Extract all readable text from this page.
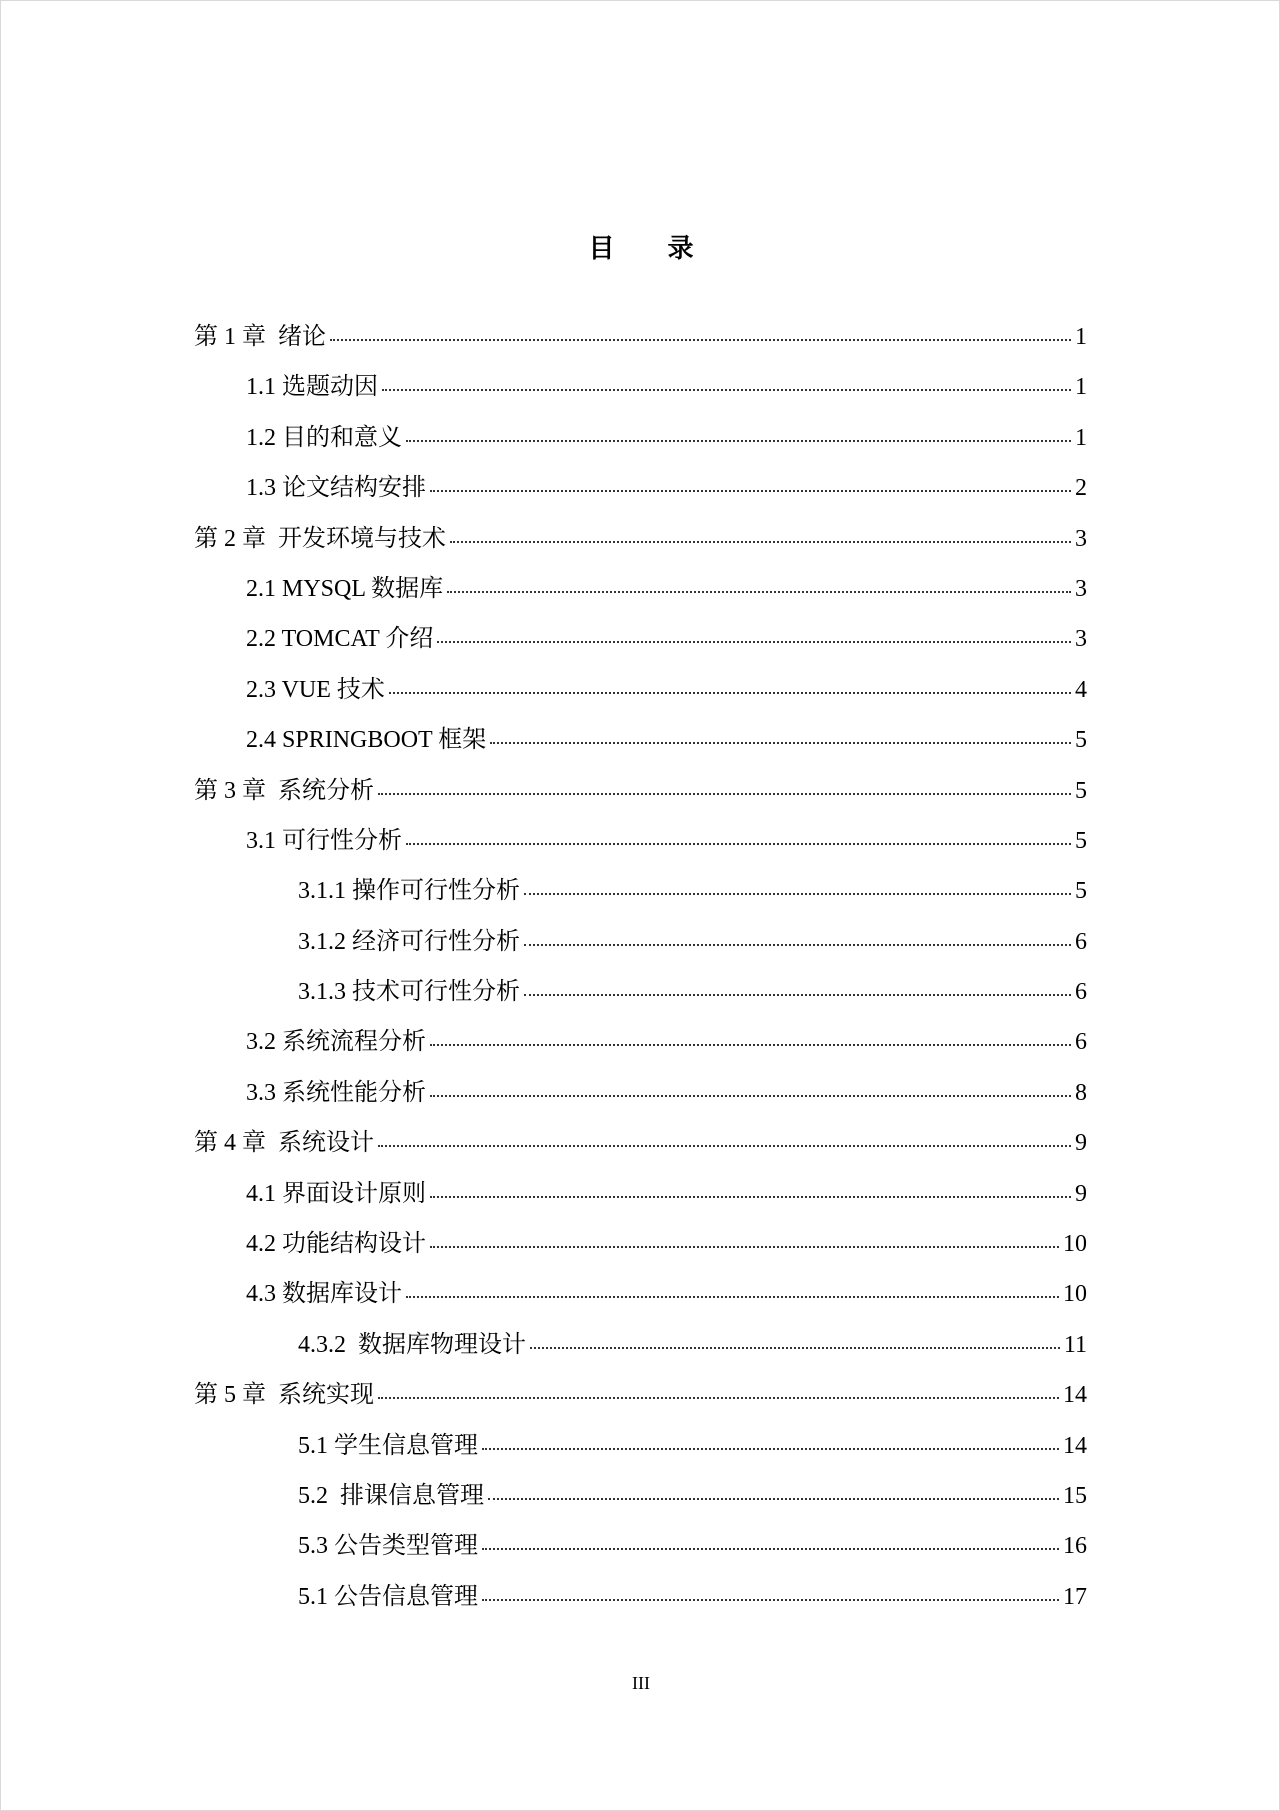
目 录
第 1 章  绪论	1
1.1 选题动因	1
1.2 目的和意义	1
1.3 论文结构安排	2
第 2 章  开发环境与技术	3
2.1 MYSQL 数据库	3
2.2 TOMCAT 介绍	3
2.3 VUE 技术	4
2.4 SPRINGBOOT 框架	5
第 3 章  系统分析	5
3.1 可行性分析	5
3.1.1 操作可行性分析	5
3.1.2 经济可行性分析	6
3.1.3 技术可行性分析	6
3.2 系统流程分析	6
3.3 系统性能分析	8
第 4 章  系统设计	9
4.1 界面设计原则	9
4.2 功能结构设计	10
4.3 数据库设计	10
4.3.2  数据库物理设计	11
第 5 章  系统实现	14
5.1 学生信息管理	14
5.2  排课信息管理	15
5.3 公告类型管理	16
5.1 公告信息管理	17
III
